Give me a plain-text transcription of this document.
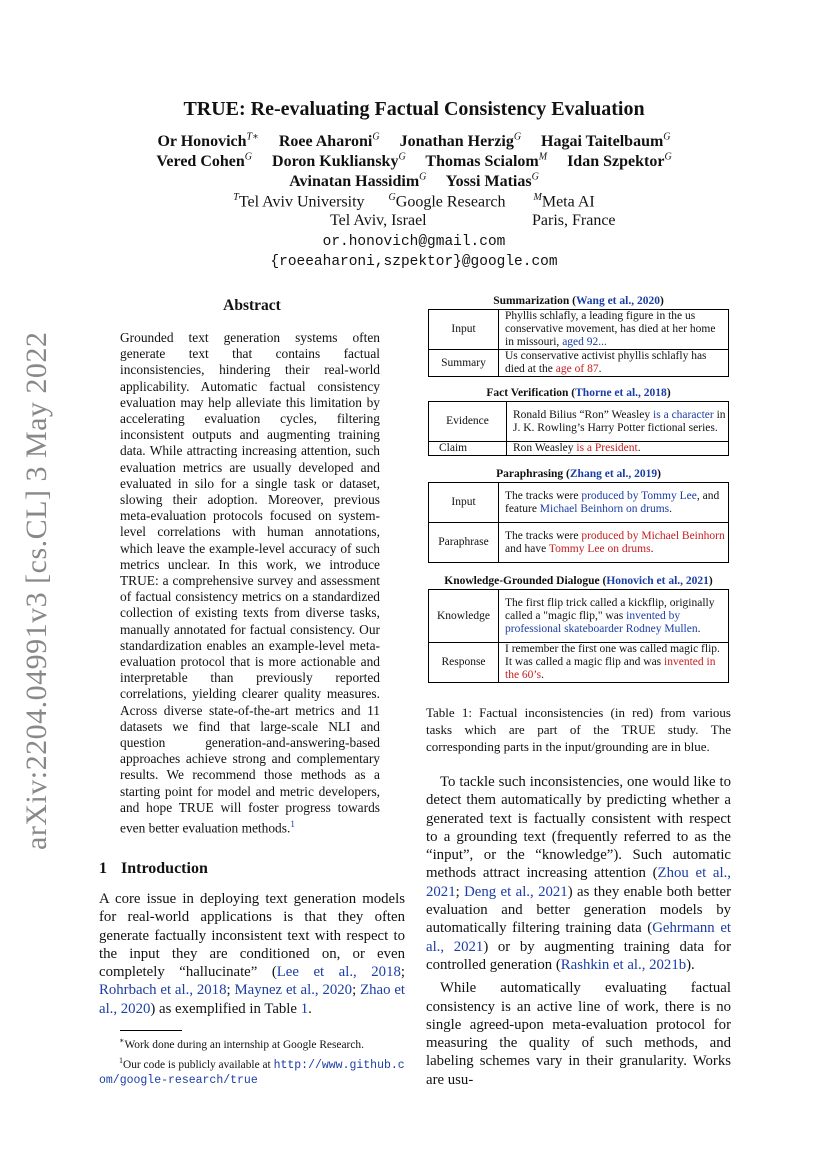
arXiv:2204.04991v3 [cs.CL] 3 May 2022
TRUE: Re-evaluating Factual Consistency Evaluation
Or Honovich$^{T∗}$ Roee Aharoni$^G$ Jonathan Herzig$^G$ Hagai Taitelbaum$^G$
Vered Cohen$^G$ Doron Kukliansky$^G$ Thomas Scialom$^M$ Idan Szpektor$^G$
Avinatan Hassidim$^G$ Yossi Matias$^G$
$^T$Tel Aviv University $^G$Google Research	$^M$Meta AI
Tel Aviv, Israel	Paris, France
or.honovich@gmail.com
{roeeaharoni,szpektor}@google.com
Abstract
Grounded text generation systems often generate text that contains factual inconsistencies, hindering their real-world applicability. Automatic factual consistency evaluation may help alleviate this limitation by accelerating evaluation cycles, filtering inconsistent outputs and augmenting training data. While attracting increasing attention, such evaluation metrics are usually developed and evaluated in silo for a single task or dataset, slowing their adoption. Moreover, previous meta-evaluation protocols focused on system-level correlations with human annotations, which leave the example-level accuracy of such metrics unclear. In this work, we introduce TRUE: a comprehensive survey and assessment of factual consistency metrics on a standardized collection of existing texts from diverse tasks, manually annotated for factual consistency. Our standardization enables an example-level meta-evaluation protocol that is more actionable and interpretable than previously reported correlations, yielding clearer quality measures. Across diverse state-of-the-art metrics and 11 datasets we find that large-scale NLI and question generation-and-answering-based approaches achieve strong and complementary results. We recommend those methods as a starting point for model and metric developers, and hope TRUE will foster progress towards even better evaluation methods.$^1$
1 Introduction
A core issue in deploying text generation models for real-world applications is that they often generate factually inconsistent text with respect to the input they are conditioned on, or even completely “hallucinate” (Lee et al., 2018; Rohrbach et al., 2018; Maynez et al., 2020; Zhao et al., 2020) as exemplified in Table 1.
∗Work done during an internship at Google Research.
$^1$Our code is publicly available at http://www.github.com/google-research/true
Summarization (Wang et al., 2020)
Input	Phyllis schlafly, a leading figure in the us conservative movement, has died at her home in missouri, aged 92...
Summary	Us conservative activist phyllis schlafly has died at the age of 87.
Fact Verification (Thorne et al., 2018)
Evidence	Ronald Bilius “Ron” Weasley is a character in J. K. Rowling’s Harry Potter fictional series.
Claim	Ron Weasley is a President.
Paraphrasing (Zhang et al., 2019)
Input	The tracks were produced by Tommy Lee, and feature Michael Beinhorn on drums.
Paraphrase	The tracks were produced by Michael Beinhorn and have Tommy Lee on drums.
Knowledge-Grounded Dialogue (Honovich et al., 2021)
Knowledge	The first flip trick called a kickflip, originally called a "magic flip," was invented by professional skateboarder Rodney Mullen.
Response	I remember the first one was called magic flip. It was called a magic flip and was invented in the 60’s.
Table 1: Factual inconsistencies (in red) from various tasks which are part of the TRUE study. The corresponding parts in the input/grounding are in blue.

To tackle such inconsistencies, one would like to detect them automatically by predicting whether a generated text is factually consistent with respect to a grounding text (frequently referred to as the “input”, or the “knowledge”). Such automatic methods attract increasing attention (Zhou et al., 2021; Deng et al., 2021) as they enable both better evaluation and better generation models by automatically filtering training data (Gehrmann et al., 2021) or by augmenting training data for controlled generation (Rashkin et al., 2021b).

While automatically evaluating factual consistency is an active line of work, there is no single agreed-upon meta-evaluation protocol for measuring the quality of such methods, and labeling schemes vary in their granularity. Works are usu-
